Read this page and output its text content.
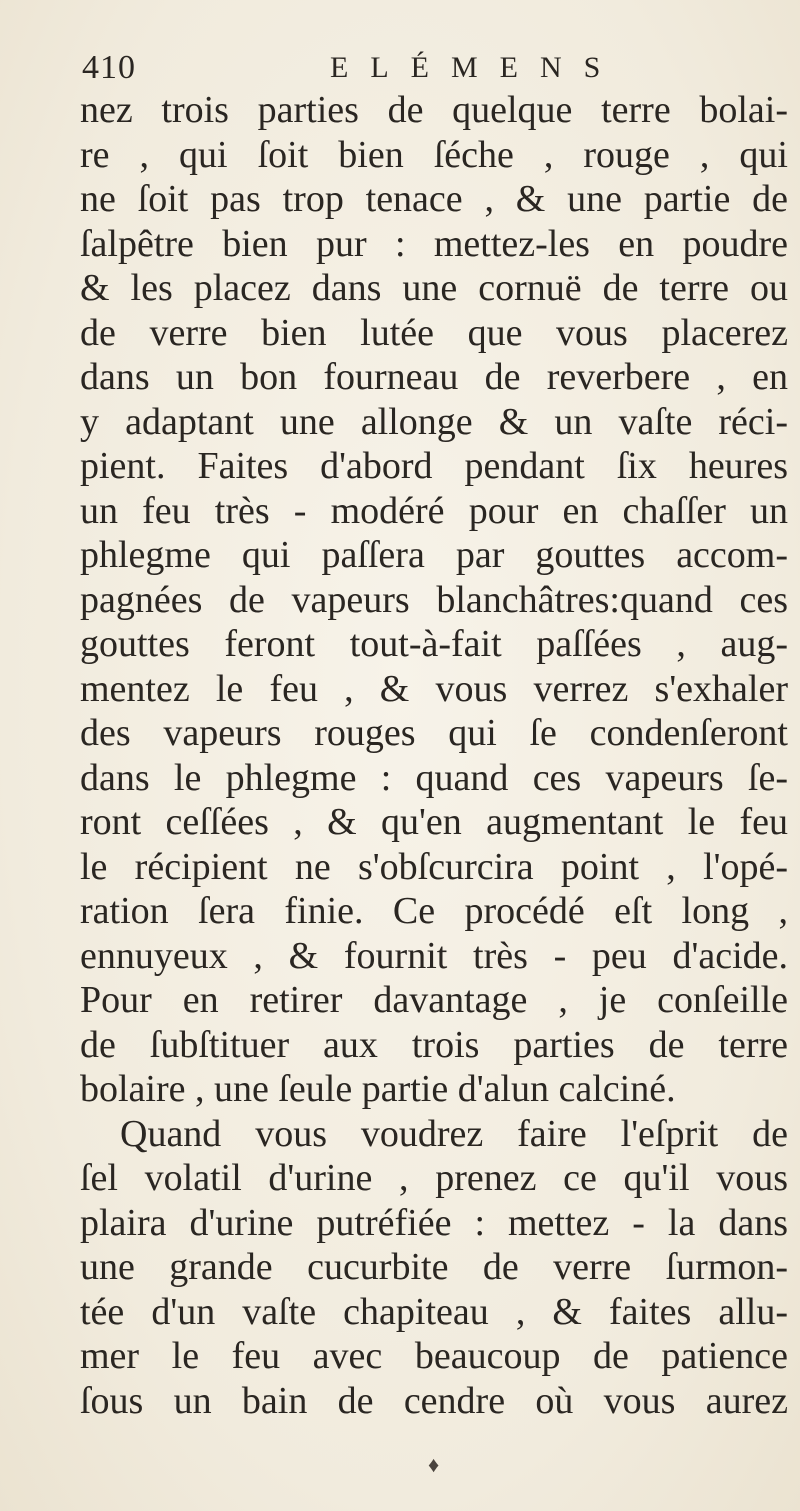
410	ELÉMENS
nez trois parties de quelque terre bolai-
re , qui ſoit bien ſéche , rouge , qui
ne ſoit pas trop tenace , & une partie de
ſalpêtre bien pur : mettez-les en poudre
& les placez dans une cornuë de terre ou
de verre bien lutée que vous placerez
dans un bon fourneau de reverbere , en
y adaptant une allonge & un vaſte réci-
pient. Faites d'abord pendant ſix heures
un feu très - modéré pour en chaſſer un
phlegme qui paſſera par gouttes accom-
pagnées de vapeurs blanchâtres:quand ces
gouttes feront tout-à-fait paſſées , aug-
mentez le feu , & vous verrez s'exhaler
des vapeurs rouges qui ſe condenſeront
dans le phlegme : quand ces vapeurs ſe-
ront ceſſées , & qu'en augmentant le feu
le récipient ne s'obſcurcira point , l'opé-
ration ſera finie. Ce procédé eſt long ,
ennuyeux , & fournit très - peu d'acide.
Pour en retirer davantage , je conſeille
de ſubſtituer aux trois parties de terre
bolaire , une ſeule partie d'alun calciné.
Quand vous voudrez faire l'eſprit de
ſel volatil d'urine , prenez ce qu'il vous
plaira d'urine putréfiée : mettez - la dans
une grande cucurbite de verre ſurmon-
tée d'un vaſte chapiteau , & faites allu-
mer le feu avec beaucoup de patience
ſous un bain de cendre où vous aurez
♦
